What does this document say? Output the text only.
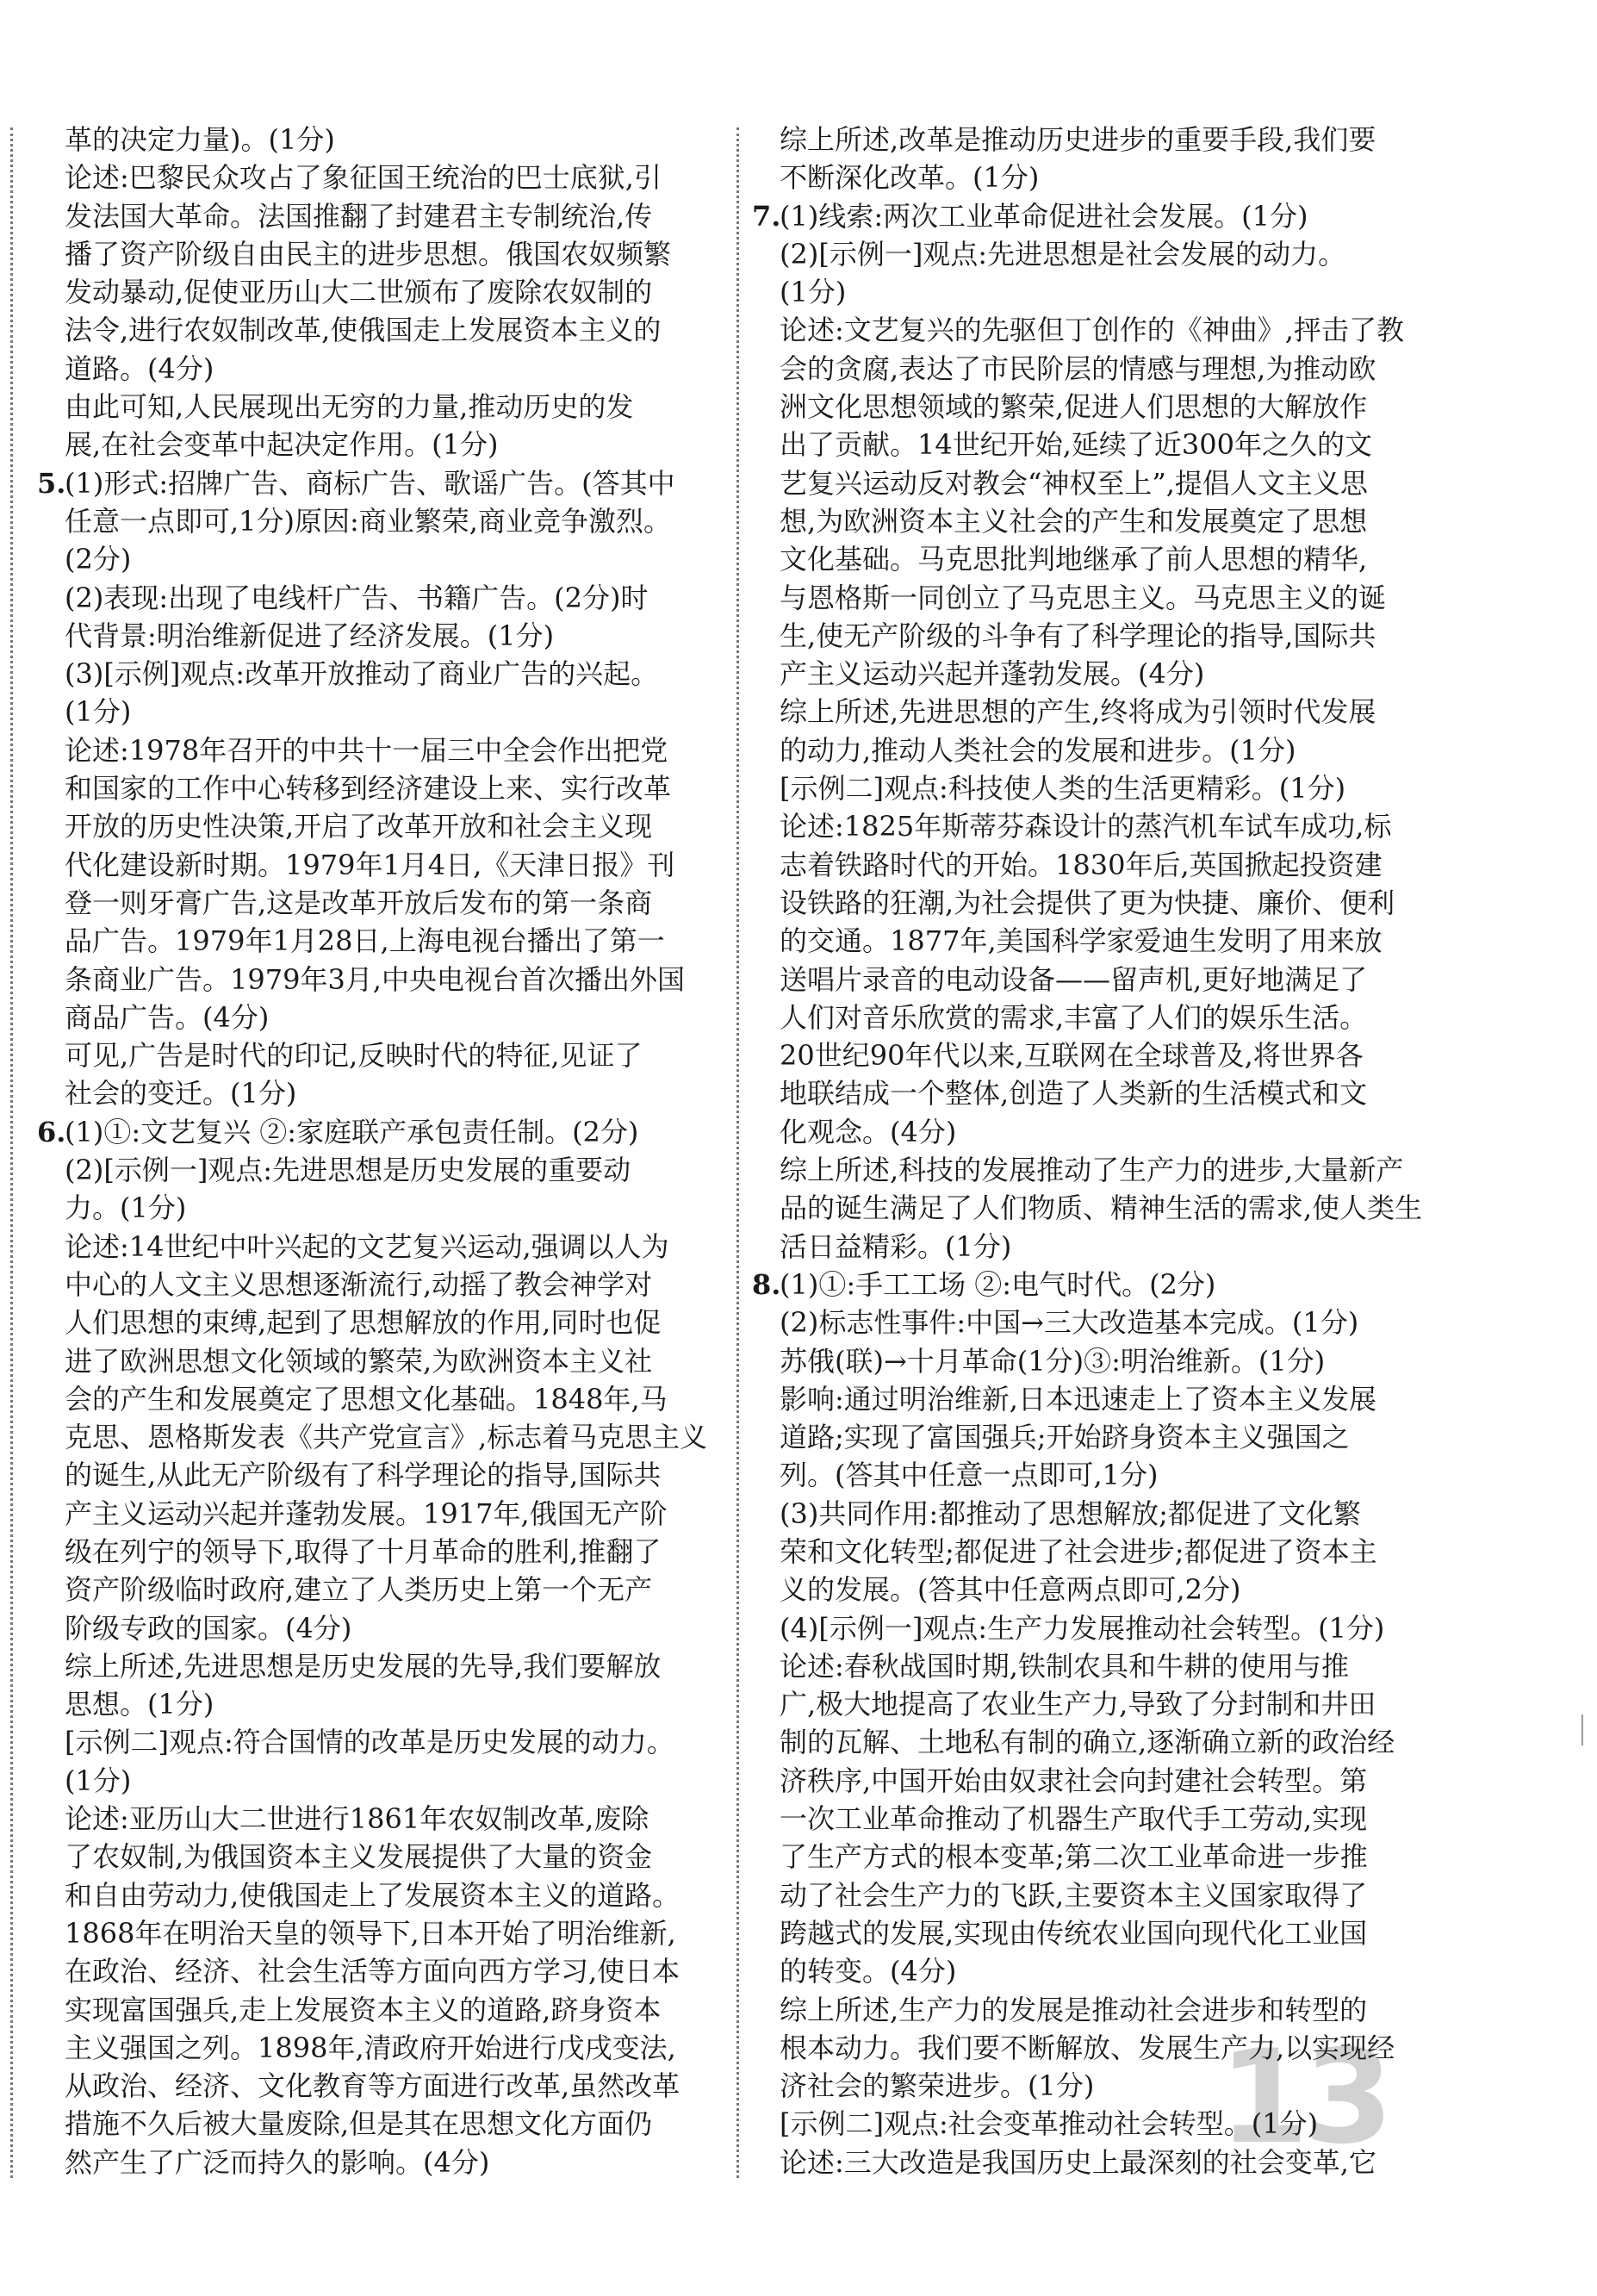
13
革的决定力量)。(1分)
论述:巴黎民众攻占了象征国王统治的巴士底狱,引
发法国大革命。法国推翻了封建君主专制统治,传
播了资产阶级自由民主的进步思想。俄国农奴频繁
发动暴动,促使亚历山大二世颁布了废除农奴制的
法令,进行农奴制改革,使俄国走上发展资本主义的
道路。(4分)
由此可知,人民展现出无穷的力量,推动历史的发
展,在社会变革中起决定作用。(1分)
5.(1)形式:招牌广告、商标广告、歌谣广告。(答其中
任意一点即可,1分)原因:商业繁荣,商业竞争激烈。
(2分)
(2)表现:出现了电线杆广告、书籍广告。(2分)时
代背景:明治维新促进了经济发展。(1分)
(3)[示例]观点:改革开放推动了商业广告的兴起。
(1分)
论述:1978年召开的中共十一届三中全会作出把党
和国家的工作中心转移到经济建设上来、实行改革
开放的历史性决策,开启了改革开放和社会主义现
代化建设新时期。1979年1月4日,《天津日报》刊
登一则牙膏广告,这是改革开放后发布的第一条商
品广告。1979年1月28日,上海电视台播出了第一
条商业广告。1979年3月,中央电视台首次播出外国
商品广告。(4分)
可见,广告是时代的印记,反映时代的特征,见证了
社会的变迁。(1分)
6.(1)①:文艺复兴 ②:家庭联产承包责任制。(2分)
(2)[示例一]观点:先进思想是历史发展的重要动
力。(1分)
论述:14世纪中叶兴起的文艺复兴运动,强调以人为
中心的人文主义思想逐渐流行,动摇了教会神学对
人们思想的束缚,起到了思想解放的作用,同时也促
进了欧洲思想文化领域的繁荣,为欧洲资本主义社
会的产生和发展奠定了思想文化基础。1848年,马
克思、恩格斯发表《共产党宣言》,标志着马克思主义
的诞生,从此无产阶级有了科学理论的指导,国际共
产主义运动兴起并蓬勃发展。1917年,俄国无产阶
级在列宁的领导下,取得了十月革命的胜利,推翻了
资产阶级临时政府,建立了人类历史上第一个无产
阶级专政的国家。(4分)
综上所述,先进思想是历史发展的先导,我们要解放
思想。(1分)
[示例二]观点:符合国情的改革是历史发展的动力。
(1分)
论述:亚历山大二世进行1861年农奴制改革,废除
了农奴制,为俄国资本主义发展提供了大量的资金
和自由劳动力,使俄国走上了发展资本主义的道路。
1868年在明治天皇的领导下,日本开始了明治维新,
在政治、经济、社会生活等方面向西方学习,使日本
实现富国强兵,走上发展资本主义的道路,跻身资本
主义强国之列。1898年,清政府开始进行戊戌变法,
从政治、经济、文化教育等方面进行改革,虽然改革
措施不久后被大量废除,但是其在思想文化方面仍
然产生了广泛而持久的影响。(4分)
综上所述,改革是推动历史进步的重要手段,我们要
不断深化改革。(1分)
7.(1)线索:两次工业革命促进社会发展。(1分)
(2)[示例一]观点:先进思想是社会发展的动力。
(1分)
论述:文艺复兴的先驱但丁创作的《神曲》,抨击了教
会的贪腐,表达了市民阶层的情感与理想,为推动欧
洲文化思想领域的繁荣,促进人们思想的大解放作
出了贡献。14世纪开始,延续了近300年之久的文
艺复兴运动反对教会“神权至上”,提倡人文主义思
想,为欧洲资本主义社会的产生和发展奠定了思想
文化基础。马克思批判地继承了前人思想的精华,
与恩格斯一同创立了马克思主义。马克思主义的诞
生,使无产阶级的斗争有了科学理论的指导,国际共
产主义运动兴起并蓬勃发展。(4分)
综上所述,先进思想的产生,终将成为引领时代发展
的动力,推动人类社会的发展和进步。(1分)
[示例二]观点:科技使人类的生活更精彩。(1分)
论述:1825年斯蒂芬森设计的蒸汽机车试车成功,标
志着铁路时代的开始。1830年后,英国掀起投资建
设铁路的狂潮,为社会提供了更为快捷、廉价、便利
的交通。1877年,美国科学家爱迪生发明了用来放
送唱片录音的电动设备——留声机,更好地满足了
人们对音乐欣赏的需求,丰富了人们的娱乐生活。
20世纪90年代以来,互联网在全球普及,将世界各
地联结成一个整体,创造了人类新的生活模式和文
化观念。(4分)
综上所述,科技的发展推动了生产力的进步,大量新产
品的诞生满足了人们物质、精神生活的需求,使人类生
活日益精彩。(1分)
8.(1)①:手工工场 ②:电气时代。(2分)
(2)标志性事件:中国→三大改造基本完成。(1分)
苏俄(联)→十月革命(1分)③:明治维新。(1分)
影响:通过明治维新,日本迅速走上了资本主义发展
道路;实现了富国强兵;开始跻身资本主义强国之
列。(答其中任意一点即可,1分)
(3)共同作用:都推动了思想解放;都促进了文化繁
荣和文化转型;都促进了社会进步;都促进了资本主
义的发展。(答其中任意两点即可,2分)
(4)[示例一]观点:生产力发展推动社会转型。(1分)
论述:春秋战国时期,铁制农具和牛耕的使用与推
广,极大地提高了农业生产力,导致了分封制和井田
制的瓦解、土地私有制的确立,逐渐确立新的政治经
济秩序,中国开始由奴隶社会向封建社会转型。第
一次工业革命推动了机器生产取代手工劳动,实现
了生产方式的根本变革;第二次工业革命进一步推
动了社会生产力的飞跃,主要资本主义国家取得了
跨越式的发展,实现由传统农业国向现代化工业国
的转变。(4分)
综上所述,生产力的发展是推动社会进步和转型的
根本动力。我们要不断解放、发展生产力,以实现经
济社会的繁荣进步。(1分)
[示例二]观点:社会变革推动社会转型。(1分)
论述:三大改造是我国历史上最深刻的社会变革,它
